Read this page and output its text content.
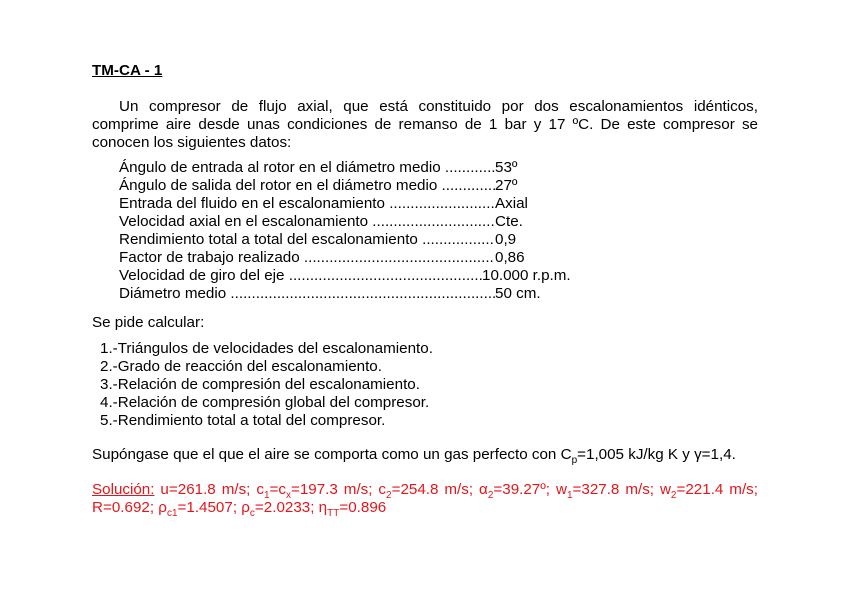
TM-CA - 1

Un compresor de flujo axial, que está constituido por dos escalonamientos idénticos, comprime aire desde unas condiciones de remanso de 1 bar y 17 ºC. De este compresor se conocen los siguientes datos:

Ángulo de entrada al rotor en el diámetro medio .....	53º
Ángulo de salida del rotor en el diámetro medio .....	27º
Entrada del fluido en el escalonamiento .....	Axial
Velocidad axial en el escalonamiento .....	Cte.
Rendimiento total a total del escalonamiento .....	0,9
Factor de trabajo realizado .....	0,86
Velocidad de giro del eje .....	10.000 r.p.m.
Diámetro medio .....	50 cm.

Se pide calcular:

1.-Triángulos de velocidades del escalonamiento.
2.-Grado de reacción del escalonamiento.
3.-Relación de compresión del escalonamiento.
4.-Relación de compresión global del compresor.
5.-Rendimiento total a total del compresor.

Supóngase que el que el aire se comporta como un gas perfecto con $C_p=1,005$ kJ/kg K y γ=1,4.

Solución: u=261.8 m/s; $c_1=c_x=197.3$ m/s; $c_2=254.8$ m/s; $\alpha_2=39.27º$; $w_1=327.8$ m/s; $w_2=221.4$ m/s; R=0.692; $\rho_{c1}=1.4507$; $\rho_c=2.0233$; $\eta_{TT}=0.896$
